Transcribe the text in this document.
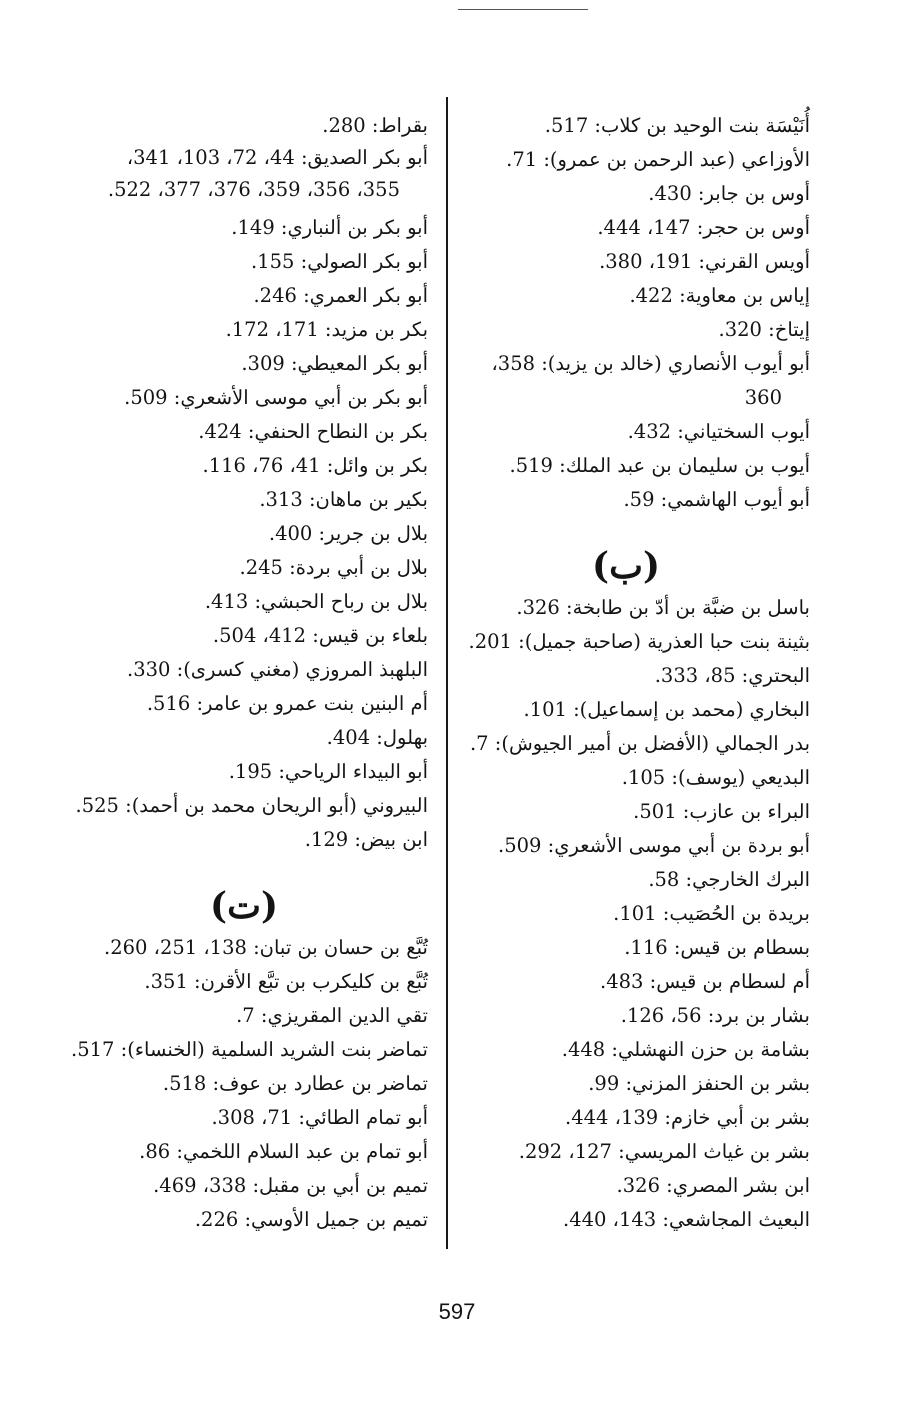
أُنَيْسَة بنت الوحيد بن كلاب: 517.
الأوزاعي (عبد الرحمن بن عمرو): 71.
أوس بن جابر: 430.
أوس بن حجر: 147، 444.
أويس القرني: 191، 380.
إياس بن معاوية: 422.
إيتاخ: 320.
أبو أيوب الأنصاري (خالد بن يزيد): 358،
360
أيوب السختياني: 432.
أيوب بن سليمان بن عبد الملك: 519.
أبو أيوب الهاشمي: 59.
(ب)
باسل بن ضبَّة بن أدّ بن طابخة: 326.
بثينة بنت حبا العذرية (صاحبة جميل): 201.
البحتري: 85، 333.
البخاري (محمد بن إسماعيل): 101.
بدر الجمالي (الأفضل بن أمير الجيوش): 7.
البديعي (يوسف): 105.
البراء بن عازب: 501.
أبو بردة بن أبي موسى الأشعري: 509.
البرك الخارجي: 58.
بريدة بن الحُصَيب: 101.
بسطام بن قيس: 116.
أم لسطام بن قيس: 483.
بشار بن برد: 56، 126.
بشامة بن حزن النهشلي: 448.
بشر بن الحنفز المزني: 99.
بشر بن أبي خازم: 139، 444.
بشر بن غياث المريسي: 127، 292.
ابن بشر المصري: 326.
البعيث المجاشعي: 143، 440.
بقراط: 280.
أبو بكر الصديق: 44، 72، 103، 341،
355، 356، 359، 376، 377، 522.
أبو بكر بن ألنباري: 149.
أبو بكر الصولي: 155.
أبو بكر العمري: 246.
بكر بن مزيد: 171، 172.
أبو بكر المعيطي: 309.
أبو بكر بن أبي موسى الأشعري: 509.
بكر بن النطاح الحنفي: 424.
بكر بن وائل: 41، 76، 116.
بكير بن ماهان: 313.
بلال بن جرير: 400.
بلال بن أبي بردة: 245.
بلال بن رباح الحبشي: 413.
بلعاء بن قيس: 412، 504.
البلهبذ المروزي (مغني كسرى): 330.
أم البنين بنت عمرو بن عامر: 516.
بهلول: 404.
أبو البيداء الرياحي: 195.
البيروني (أبو الريحان محمد بن أحمد): 525.
ابن بيض: 129.
(ت)
تُبَّع بن حسان بن تبان: 138، 251، 260.
تُبَّع بن كليكرب بن تبَّع الأقرن: 351.
تقي الدين المقريزي: 7.
تماضر بنت الشريد السلمية (الخنساء): 517.
تماضر بن عطارد بن عوف: 518.
أبو تمام الطائي: 71، 308.
أبو تمام بن عبد السلام اللخمي: 86.
تميم بن أبي بن مقبل: 338، 469.
تميم بن جميل الأوسي: 226.
597
